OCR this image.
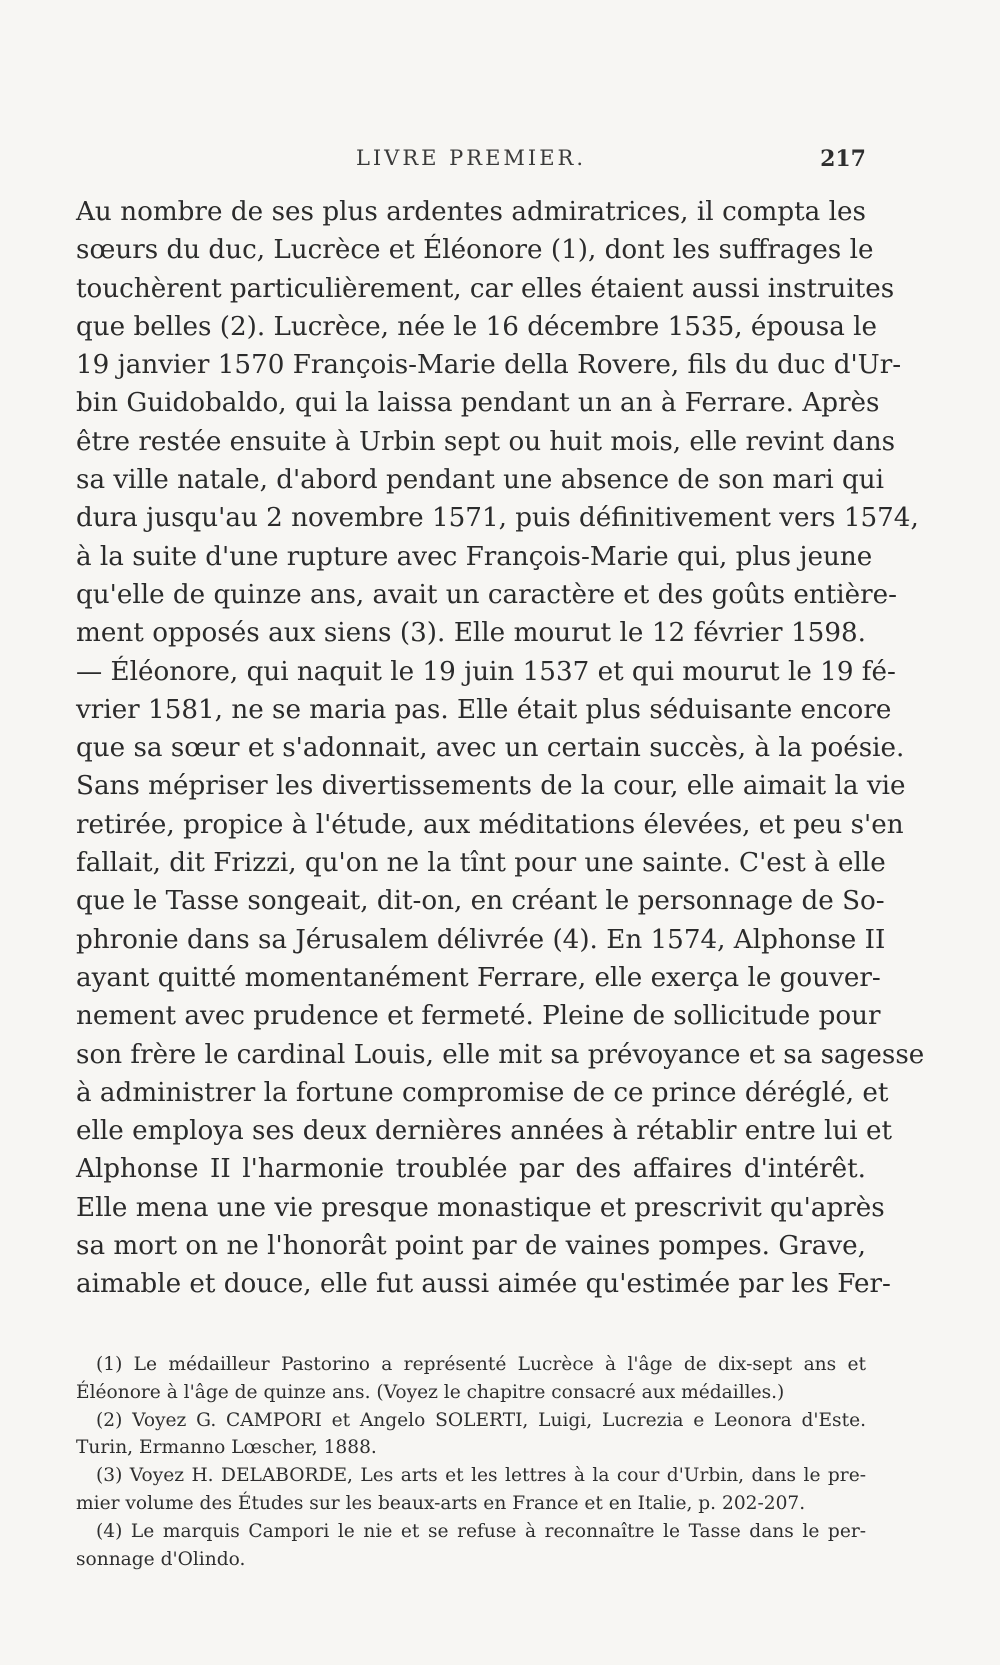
LIVRE PREMIER.	217
Au nombre de ses plus ardentes admiratrices, il compta les
sœurs du duc, Lucrèce et Éléonore (1), dont les suffrages le
touchèrent particulièrement, car elles étaient aussi instruites
que belles (2). Lucrèce, née le 16 décembre 1535, épousa le
19 janvier 1570 François-Marie della Rovere, fils du duc d'Ur-
bin Guidobaldo, qui la laissa pendant un an à Ferrare. Après
être restée ensuite à Urbin sept ou huit mois, elle revint dans
sa ville natale, d'abord pendant une absence de son mari qui
dura jusqu'au 2 novembre 1571, puis définitivement vers 1574,
à la suite d'une rupture avec François-Marie qui, plus jeune
qu'elle de quinze ans, avait un caractère et des goûts entière-
ment opposés aux siens (3). Elle mourut le 12 février 1598.
— Éléonore, qui naquit le 19 juin 1537 et qui mourut le 19 fé-
vrier 1581, ne se maria pas. Elle était plus séduisante encore
que sa sœur et s'adonnait, avec un certain succès, à la poésie.
Sans mépriser les divertissements de la cour, elle aimait la vie
retirée, propice à l'étude, aux méditations élevées, et peu s'en
fallait, dit Frizzi, qu'on ne la tînt pour une sainte. C'est à elle
que le Tasse songeait, dit-on, en créant le personnage de So-
phronie dans sa Jérusalem délivrée (4). En 1574, Alphonse II
ayant quitté momentanément Ferrare, elle exerça le gouver-
nement avec prudence et fermeté. Pleine de sollicitude pour
son frère le cardinal Louis, elle mit sa prévoyance et sa sagesse
à administrer la fortune compromise de ce prince déréglé, et
elle employa ses deux dernières années à rétablir entre lui et
Alphonse II l'harmonie troublée par des affaires d'intérêt.
Elle mena une vie presque monastique et prescrivit qu'après
sa mort on ne l'honorât point par de vaines pompes. Grave,
aimable et douce, elle fut aussi aimée qu'estimée par les Fer-
(1) Le médailleur Pastorino a représenté Lucrèce à l'âge de dix-sept ans et
Éléonore à l'âge de quinze ans. (Voyez le chapitre consacré aux médailles.)
(2) Voyez G. CAMPORI et Angelo SOLERTI, Luigi, Lucrezia e Leonora d'Este.
Turin, Ermanno Lœscher, 1888.
(3) Voyez H. DELABORDE, Les arts et les lettres à la cour d'Urbin, dans le pre-
mier volume des Études sur les beaux-arts en France et en Italie, p. 202-207.
(4) Le marquis Campori le nie et se refuse à reconnaître le Tasse dans le per-
sonnage d'Olindo.
